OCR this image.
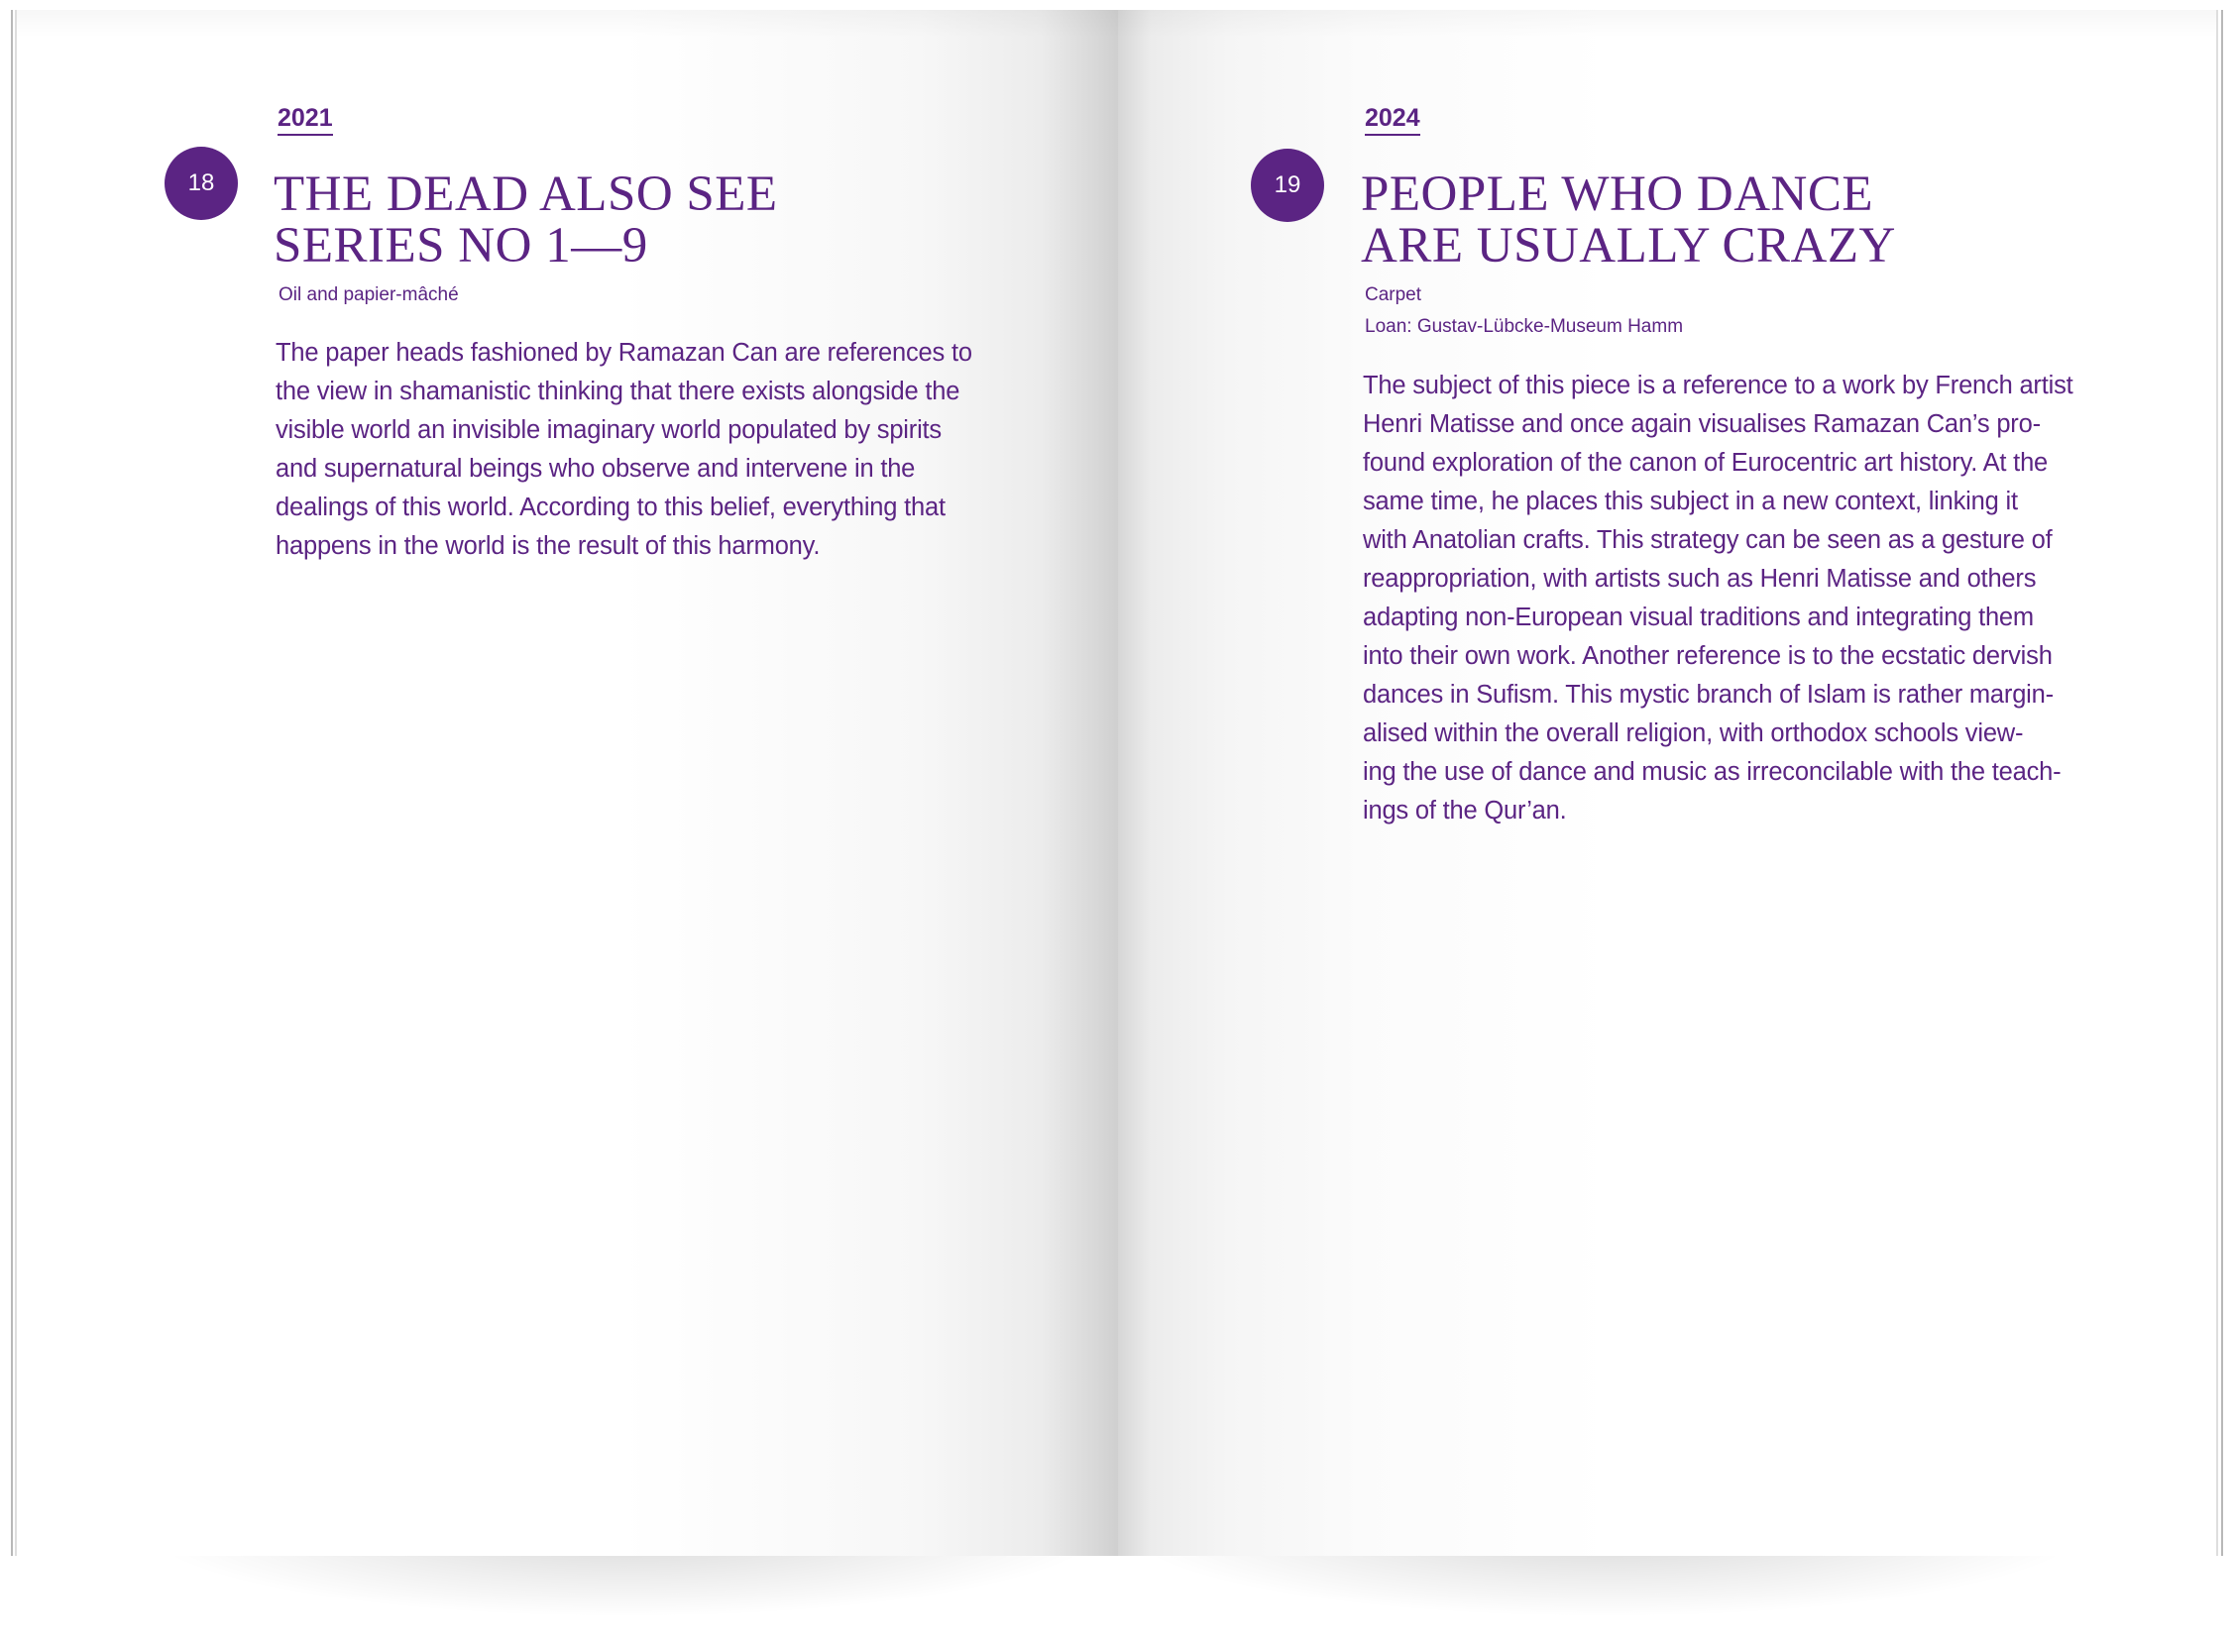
2021
18	THE DEAD ALSO SEE
SERIES NO 1—9
Oil and papier-mâché
The paper heads fashioned by Ramazan Can are references to
the view in shamanistic thinking that there exists alongside the
visible world an invisible imaginary world populated by spirits
and supernatural beings who observe and intervene in the
dealings of this world. According to this belief, everything that
happens in the world is the result of this harmony.
2024
19	PEOPLE WHO DANCE
ARE USUALLY CRAZY
Carpet
Loan: Gustav-Lübcke-Museum Hamm
The subject of this piece is a reference to a work by French artist
Henri Matisse and once again visualises Ramazan Can’s pro-
found exploration of the canon of Eurocentric art history. At the
same time, he places this subject in a new context, linking it
with Anatolian crafts. This strategy can be seen as a gesture of
reappropriation, with artists such as Henri Matisse and others
adapting non-European visual traditions and integrating them
into their own work. Another reference is to the ecstatic dervish
dances in Sufism. This mystic branch of Islam is rather margin-
alised within the overall religion, with orthodox schools view-
ing the use of dance and music as irreconcilable with the teach-
ings of the Qur’an.
